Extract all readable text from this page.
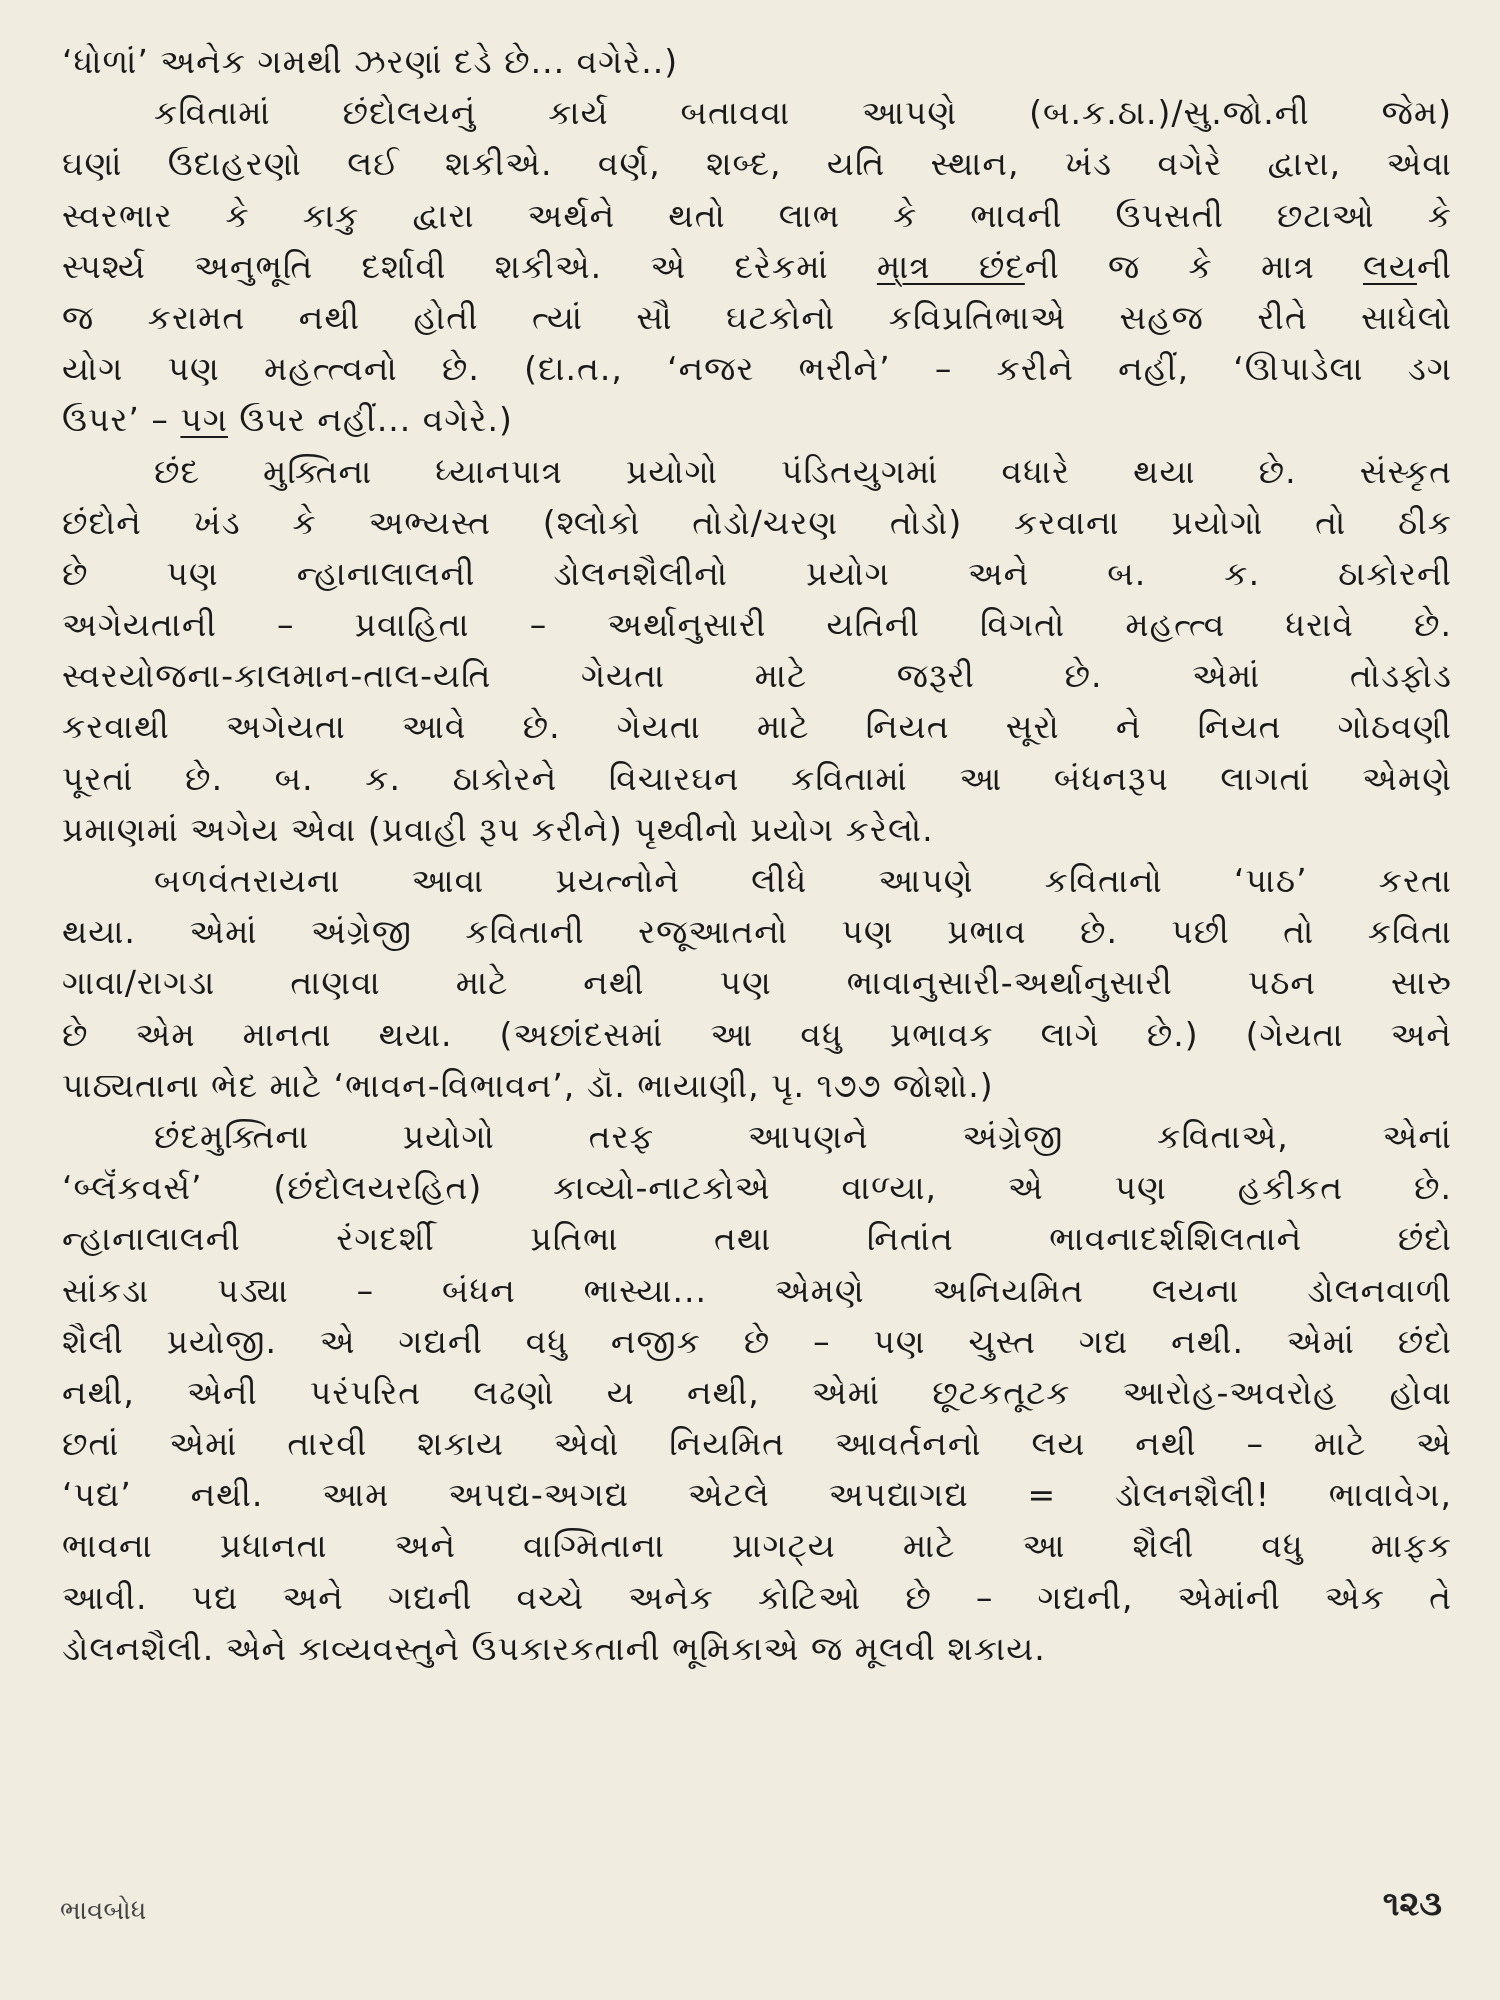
‘ધોળાં’ અનેક ગમથી ઝરણાં દડે છે... વગેરે..)
કવિતામાં છંદોલયનું કાર્ય બતાવવા આપણે (બ.ક.ઠા.)/સુ.જો.ની જેમ)
ઘણાં ઉદાહરણો લઈ શકીએ. વર્ણ, શબ્દ, યતિ સ્થાન, ખંડ વગેરે દ્વારા, એવા
સ્વરભાર કે કાકુ દ્વારા અર્થને થતો લાભ કે ભાવની ઉપસતી છટાઓ કે
સ્પર્શ્ય અનુભૂતિ દર્શાવી શકીએ. એ દરેકમાં મા્ત્ર છંદની જ કે માત્ર લયની
જ કરામત નથી હોતી ત્યાં સૌ ઘટકોનો કવિપ્રતિભાએ સહજ રીતે સાધેલો
યોગ પણ મહત્ત્વનો છે. (દા.ત., ‘નજર ભરીને’ – કરીને નહીં, ‘ઊપાડેલા ડગ
ઉપર’ – પગ ઉપર નહીં... વગેરે.)
છંદ મુક્તિના ધ્યાનપાત્ર પ્રયોગો પંડિતયુગમાં વધારે થયા છે. સંસ્કૃત
છંદોને ખંડ કે અભ્યસ્ત (શ્લોકો તોડો/ચરણ તોડો) કરવાના પ્રયોગો તો ઠીક
છે પણ ન્હાનાલાલની ડોલનશૈલીનો પ્રયોગ અને બ. ક. ઠાકોરની
અગેયતાની – પ્રવાહિતા – અર્થાનુસારી યતિની વિગતો મહત્ત્વ ધરાવે છે.
સ્વરયોજના-કાલમાન-તાલ-યતિ ગેયતા માટે જરૂરી છે. એમાં તોડફોડ
કરવાથી અગેયતા આવે છે. ગેયતા માટે નિયત સૂરો ને નિયત ગોઠવણી
પૂરતાં છે. બ. ક. ઠાકોરને વિચારઘન કવિતામાં આ બંધનરૂપ લાગતાં એમણે
પ્રમાણમાં અગેય એવા (પ્રવાહી રૂપ કરીને) પૃથ્વીનો પ્રયોગ કરેલો.
બળવંતરાયના આવા પ્રયત્નોને લીધે આપણે કવિતાનો ‘પાઠ’ કરતા
થયા. એમાં અંગ્રેજી કવિતાની રજૂઆતનો પણ પ્રભાવ છે. પછી તો કવિતા
ગાવા/રાગડા તાણવા માટે નથી પણ ભાવાનુસારી-અર્થાનુસારી પઠન સારુ
છે એમ માનતા થયા. (અછાંદસમાં આ વધુ પ્રભાવક લાગે છે.) (ગેયતા અને
પાઠ્યતાના ભેદ માટે ‘ભાવન-વિભાવન’, ડૉ. ભાયાણી, પૃ. ૧૭૭ જોશો.)
છંદમુક્તિના પ્રયોગો તરફ આપણને અંગ્રેજી કવિતાએ, એનાં
‘બ્લૅંકવર્સ’ (છંદોલયરહિત) કાવ્યો-નાટકોએ વાળ્યા, એ પણ હકીકત છે.
ન્હાનાલાલની રંગદર્શી પ્રતિભા તથા નિતાંત ભાવનાદર્શશિલતાને છંદો
સાંકડા પડ્યા – બંધન ભાસ્યા... એમણે અનિયમિત લયના ડોલનવાળી
શૈલી પ્રયોજી. એ ગદ્યની વધુ નજીક છે – પણ ચુસ્ત ગદ્ય નથી. એમાં છંદો
નથી, એની પરંપરિત લઢણો ય નથી, એમાં છૂટકતૂટક આરોહ-અવરોહ હોવા
છતાં એમાં તારવી શકાય એવો નિયમિત આવર્તનનો લય નથી – માટે એ
‘પદ્ય’ નથી. આમ અપદ્ય-અગદ્ય એટલે અપદ્યાગદ્ય = ડોલનશૈલી! ભાવાવેગ,
ભાવના પ્રધાનતા અને વાગ્મિતાના પ્રાગટ્ય માટે આ શૈલી વધુ માફક
આવી. પદ્ય અને ગદ્યની વચ્ચે અનેક કોટિઓ છે – ગદ્યની, એમાંની એક તે
ડોલનશૈલી. એને કાવ્યવસ્તુને ઉપકારકતાની ભૂમિકાએ જ મૂલવી શકાય.
ભાવબોધ	૧૨૩
